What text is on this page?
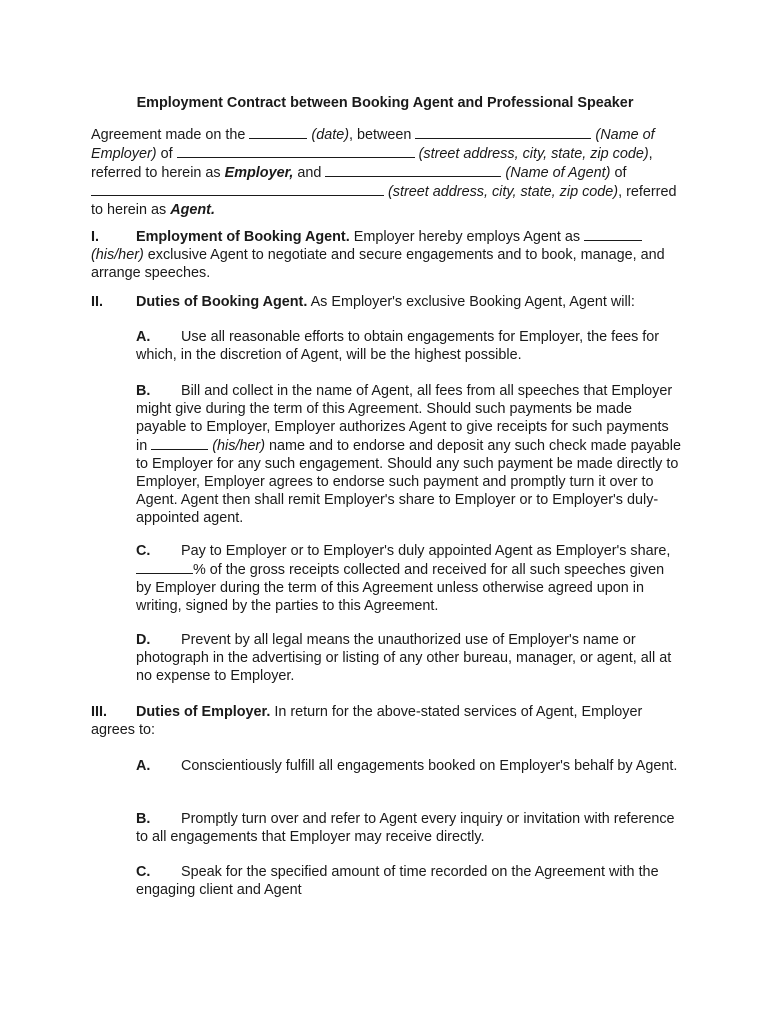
Employment Contract between Booking Agent and Professional Speaker

Agreement made on the	(date), between	(Name of Employer) of	(street address, city, state, zip code), referred to herein as Employer, and	(Name of Agent) of  (street address, city, state, zip code), referred to herein as Agent.

I.	Employment of Booking Agent. Employer hereby employs Agent as  (his/her) exclusive Agent to negotiate and secure engagements and to book, manage, and arrange speeches.

II. Duties of Booking Agent. As Employer's exclusive Booking Agent, Agent will:

A. Use all reasonable efforts to obtain engagements for Employer, the fees for which, in the discretion of Agent, will be the highest possible.

B. Bill and collect in the name of Agent, all fees from all speeches that Employer might give during the term of this Agreement. Should such payments be made payable to Employer, Employer authorizes Agent to give receipts for such payments in	(his/her) name and to endorse and deposit any such check made payable to Employer for any such engagement. Should any such payment be made directly to Employer, Employer agrees to endorse such payment and promptly turn it over to Agent. Agent then shall remit Employer's share to Employer or to Employer's duly-appointed agent.

C. Pay to Employer or to Employer's duly appointed Agent as Employer's share, % of the gross receipts collected and received for all such speeches given by Employer during the term of this Agreement unless otherwise agreed upon in writing, signed by the parties to this Agreement.

D. Prevent by all legal means the unauthorized use of Employer's name or photograph in the advertising or listing of any other bureau, manager, or agent, all at no expense to Employer.

III. Duties of Employer. In return for the above-stated services of Agent, Employer agrees to:

A. Conscientiously fulfill all engagements booked on Employer's behalf by Agent.

B. Promptly turn over and refer to Agent every inquiry or invitation with reference to all engagements that Employer may receive directly.

C. Speak for the specified amount of time recorded on the Agreement with the engaging client and Agent
